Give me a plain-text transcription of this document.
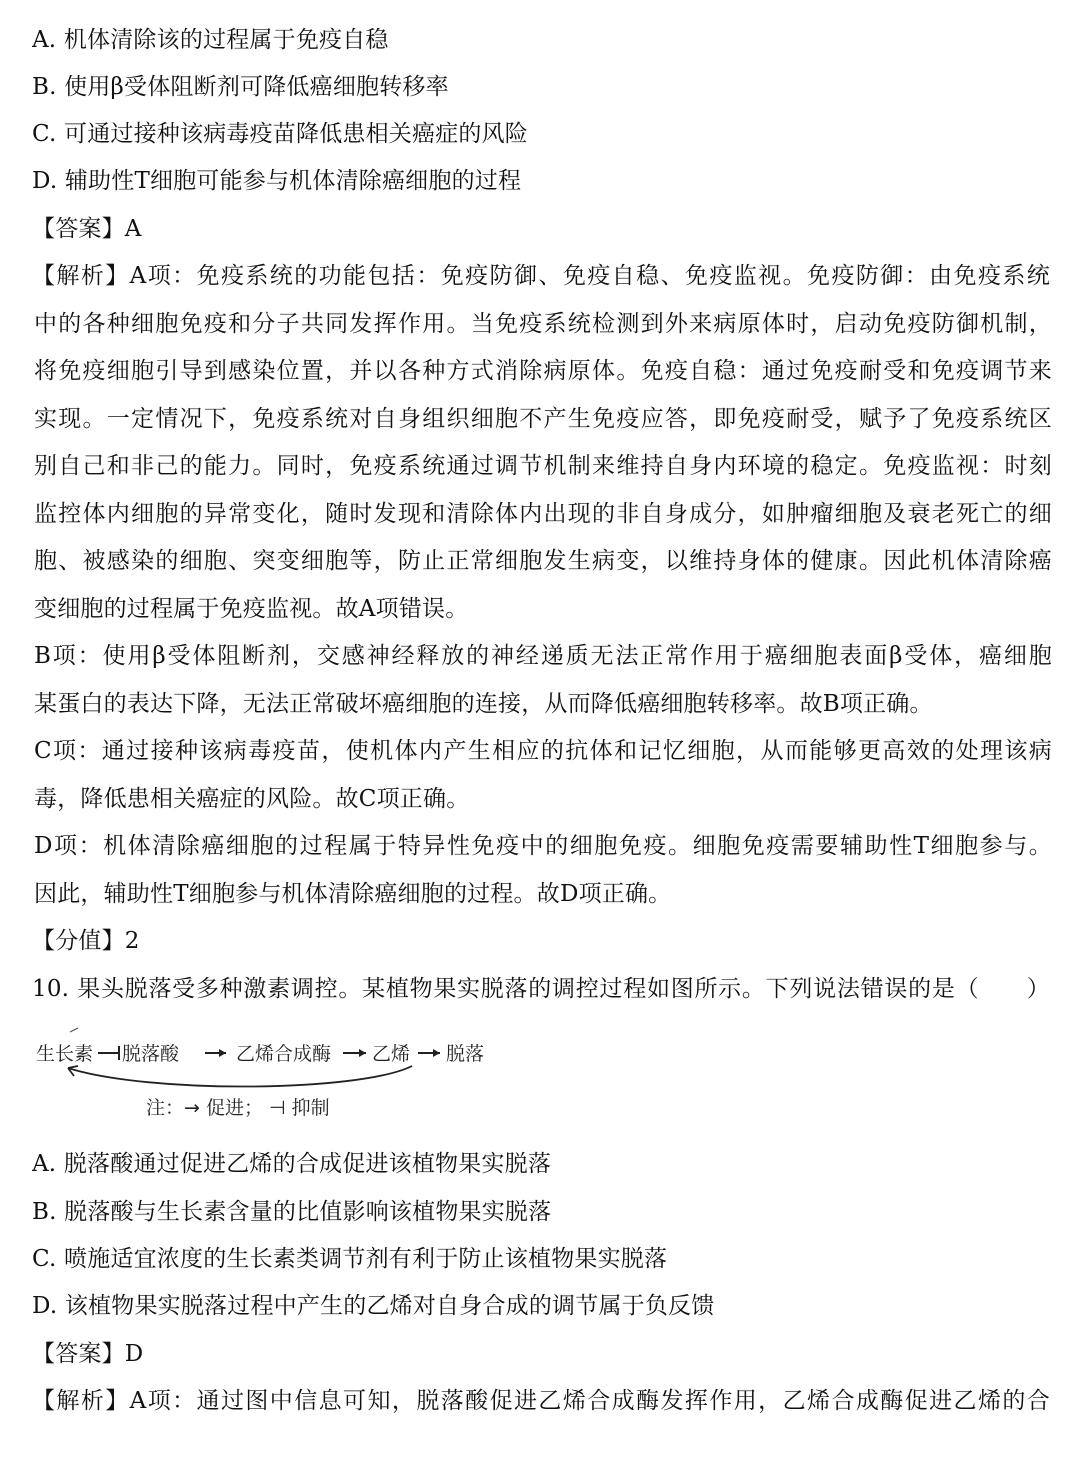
A. 机体清除该的过程属于免疫自稳
B. 使用β受体阻断剂可降低癌细胞转移率
C. 可通过接种该病毒疫苗降低患相关癌症的风险
D. 辅助性T细胞可能参与机体清除癌细胞的过程
【答案】A
【解析】A项：免疫系统的功能包括：免疫防御、免疫自稳、免疫监视。免疫防御：由免疫系统
中的各种细胞免疫和分子共同发挥作用。当免疫系统检测到外来病原体时，启动免疫防御机制，
将免疫细胞引导到感染位置，并以各种方式消除病原体。免疫自稳：通过免疫耐受和免疫调节来
实现。一定情况下，免疫系统对自身组织细胞不产生免疫应答，即免疫耐受，赋予了免疫系统区
别自己和非己的能力。同时，免疫系统通过调节机制来维持自身内环境的稳定。免疫监视：时刻
监控体内细胞的异常变化，随时发现和清除体内出现的非自身成分，如肿瘤细胞及衰老死亡的细
胞、被感染的细胞、突变细胞等，防止正常细胞发生病变，以维持身体的健康。因此机体清除癌
变细胞的过程属于免疫监视。故A项错误。
B项：使用β受体阻断剂，交感神经释放的神经递质无法正常作用于癌细胞表面β受体，癌细胞
某蛋白的表达下降，无法正常破坏癌细胞的连接，从而降低癌细胞转移率。故B项正确。
C项：通过接种该病毒疫苗，使机体内产生相应的抗体和记忆细胞，从而能够更高效的处理该病
毒，降低患相关癌症的风险。故C项正确。
D项：机体清除癌细胞的过程属于特异性免疫中的细胞免疫。细胞免疫需要辅助性T细胞参与。
因此，辅助性T细胞参与机体清除癌细胞的过程。故D项正确。
【分值】2
10. 果头脱落受多种激素调控。某植物果实脱落的调控过程如图所示。下列说法错误的是（　　）
生长素 脱落酸	乙烯合成酶 乙烯 脱落
注：→ 促进； ⊣ 抑制
A. 脱落酸通过促进乙烯的合成促进该植物果实脱落
B. 脱落酸与生长素含量的比值影响该植物果实脱落
C. 喷施适宜浓度的生长素类调节剂有利于防止该植物果实脱落
D. 该植物果实脱落过程中产生的乙烯对自身合成的调节属于负反馈
【答案】D
【解析】A项：通过图中信息可知，脱落酸促进乙烯合成酶发挥作用，乙烯合成酶促进乙烯的合
